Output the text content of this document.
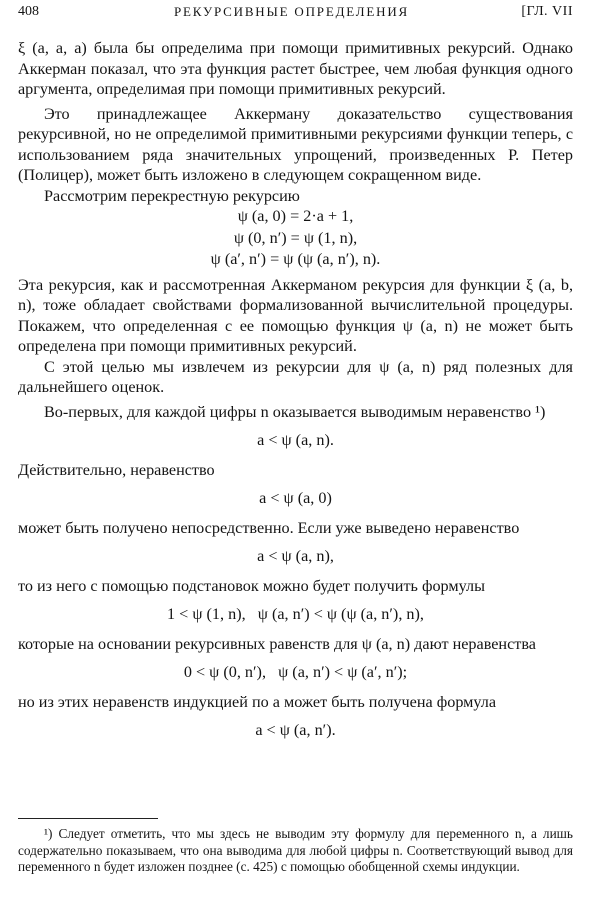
408	РЕКУРСИВНЫЕ ОПРЕДЕЛЕНИЯ	[ГЛ. VII

ξ (a, a, a) была бы определима при помощи примитивных рекурсий. Однако Аккерман показал, что эта функция растет быстрее, чем любая функция одного аргумента, определимая при помощи примитивных рекурсий.

Это принадлежащее Аккерману доказательство существования рекурсивной, но не определимой примитивными рекурсиями функции теперь, с использованием ряда значительных упрощений, произведенных Р. Петер (Полицер), может быть изложено в следующем сокращенном виде.

Рассмотрим перекрестную рекурсию

ψ (a, 0) = 2·a + 1,

ψ (0, n′) = ψ (1, n),

ψ (a′, n′) = ψ (ψ (a, n′), n).

Эта рекурсия, как и рассмотренная Аккерманом рекурсия для функции ξ (a, b, n), тоже обладает свойствами формализованной вычислительной процедуры. Покажем, что определенная с ее помощью функция ψ (a, n) не может быть определена при помощи примитивных рекурсий.

С этой целью мы извлечем из рекурсии для ψ (a, n) ряд полезных для дальнейшего оценок.

Во-первых, для каждой цифры n оказывается выводимым неравенство ¹)

a < ψ (a, n).

Действительно, неравенство

a < ψ (a, 0)

может быть получено непосредственно. Если уже выведено неравенство

a < ψ (a, n),

то из него с помощью подстановок можно будет получить формулы

1 < ψ (1, n),   ψ (a, n′) < ψ (ψ (a, n′), n),

которые на основании рекурсивных равенств для ψ (a, n) дают неравенства

0 < ψ (0, n′),   ψ (a, n′) < ψ (a′, n′);

но из этих неравенств индукцией по a может быть получена формула

a < ψ (a, n′).

¹) Следует отметить, что мы здесь не выводим эту формулу для переменного n, а лишь содержательно показываем, что она выводима для любой цифры n. Соответствующий вывод для переменного n будет изложен позднее (с. 425) с помощью обобщенной схемы индукции.
